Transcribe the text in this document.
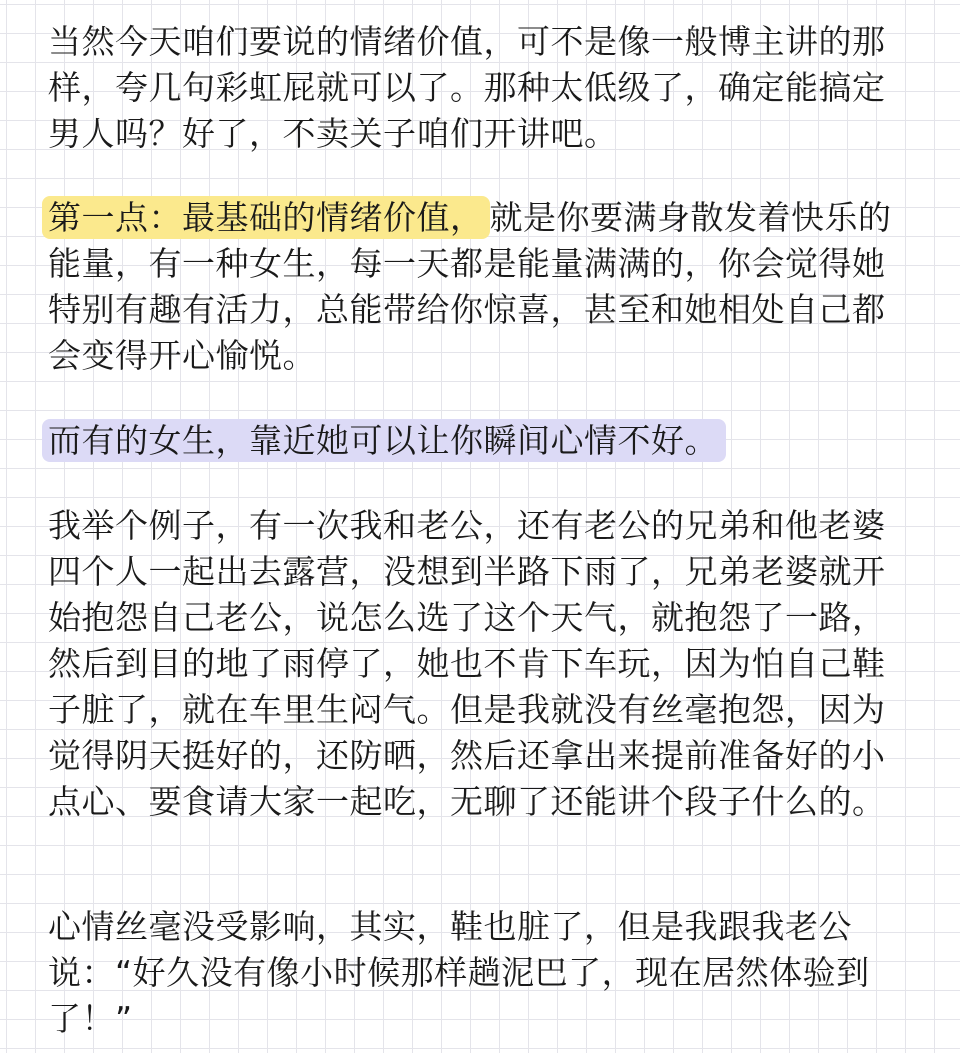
当然今天咱们要说的情绪价值，可不是像一般博主讲的那样，夸几句彩虹屁就可以了。那种太低级了，确定能搞定男人吗？好了，不卖关子咱们开讲吧。

第一点：最基础的情绪价值， 就是你要满身散发着快乐的能量，有一种女生，每一天都是能量满满的，你会觉得她特别有趣有活力，总能带给你惊喜，甚至和她相处自己都会变得开心愉悦。

而有的女生，靠近她可以让你瞬间心情不好。

我举个例子，有一次我和老公，还有老公的兄弟和他老婆四个人一起出去露营，没想到半路下雨了，兄弟老婆就开始抱怨自己老公，说怎么选了这个天气，就抱怨了一路，然后到目的地了雨停了，她也不肯下车玩，因为怕自己鞋子脏了，就在车里生闷气。但是我就没有丝毫抱怨，因为觉得阴天挺好的，还防晒，然后还拿出来提前准备好的小点心、要食请大家一起吃，无聊了还能讲个段子什么的。

心情丝毫没受影响，其实，鞋也脏了，但是我跟我老公说：“好久没有像小时候那样趟泥巴了，现在居然体验到了！”
